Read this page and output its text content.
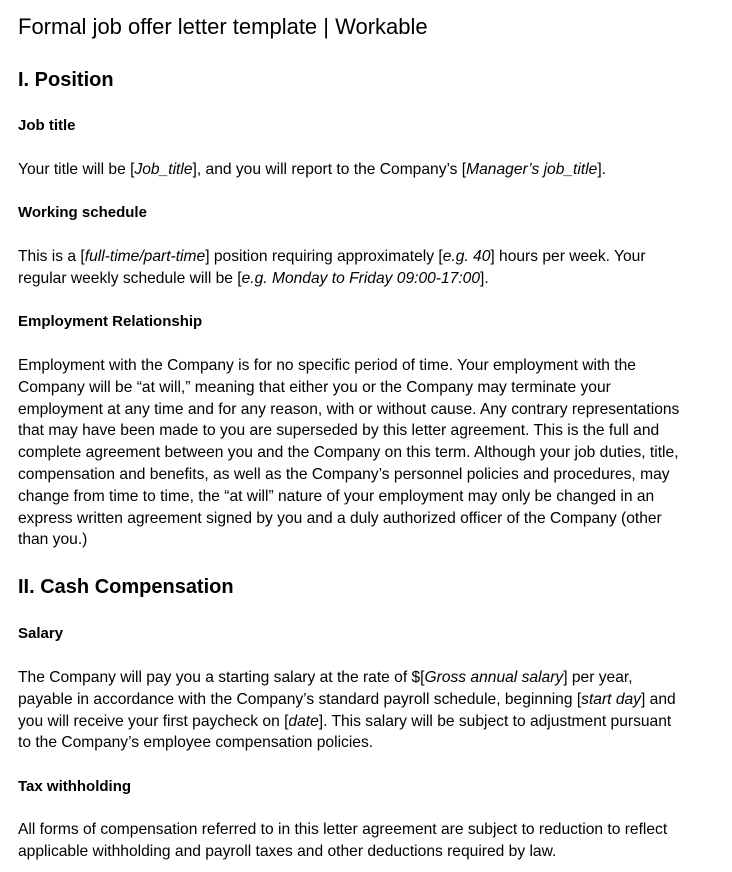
Formal job offer letter template | Workable
I. Position
Job title

Your title will be [Job_title], and you will report to the Company’s [Manager’s job_title].

Working schedule

This is a [full-time/part-time] position requiring approximately [e.g. 40] hours per week. Your
regular weekly schedule will be [e.g. Monday to Friday 09:00-17:00].

Employment Relationship

Employment with the Company is for no specific period of time. Your employment with the
Company will be “at will,” meaning that either you or the Company may terminate your
employment at any time and for any reason, with or without cause. Any contrary representations
that may have been made to you are superseded by this letter agreement. This is the full and
complete agreement between you and the Company on this term. Although your job duties, title,
compensation and benefits, as well as the Company’s personnel policies and procedures, may
change from time to time, the “at will” nature of your employment may only be changed in an
express written agreement signed by you and a duly authorized officer of the Company (other
than you.)

II. Cash Compensation
Salary

The Company will pay you a starting salary at the rate of $[Gross annual salary] per year,
payable in accordance with the Company’s standard payroll schedule, beginning [start day] and
you will receive your first paycheck on [date]. This salary will be subject to adjustment pursuant
to the Company’s employee compensation policies.

Tax withholding

All forms of compensation referred to in this letter agreement are subject to reduction to reflect
applicable withholding and payroll taxes and other deductions required by law.
